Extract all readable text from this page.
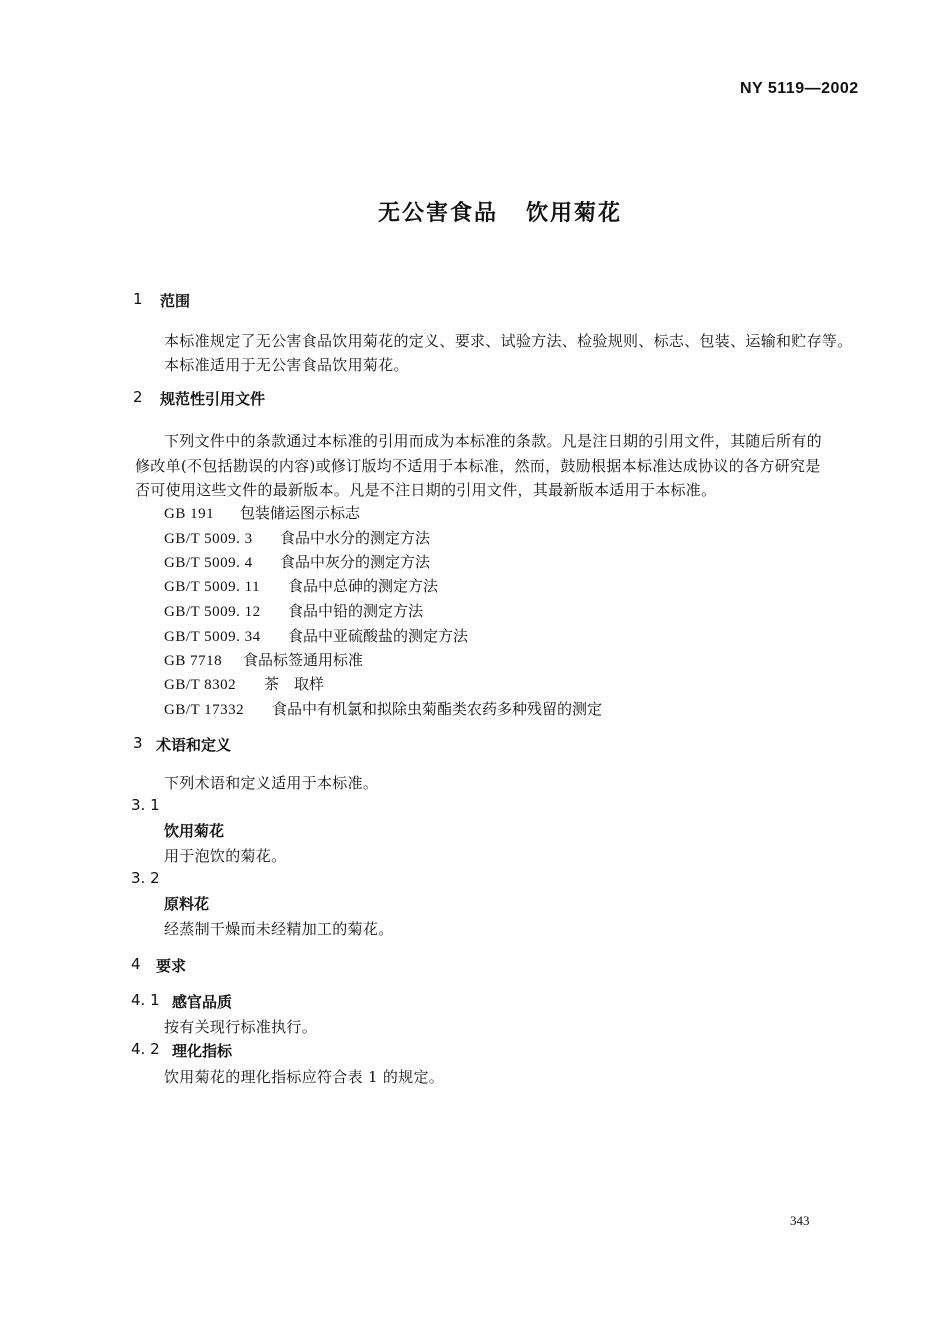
NY 5119—2002
无公害食品 饮用菊花
1 范围
本标准规定了无公害食品饮用菊花的定义、要求、试验方法、检验规则、标志、包装、运输和贮存等。
本标准适用于无公害食品饮用菊花。
2 规范性引用文件
下列文件中的条款通过本标准的引用而成为本标准的条款。凡是注日期的引用文件，其随后所有的
修改单(不包括勘误的内容)或修订版均不适用于本标准，然而，鼓励根据本标准达成协议的各方研究是
否可使用这些文件的最新版本。凡是不注日期的引用文件，其最新版本适用于本标准。
GB 191 包装储运图示标志
GB/T 5009. 3 食品中水分的测定方法
GB/T 5009. 4 食品中灰分的测定方法
GB/T 5009. 11 食品中总砷的测定方法
GB/T 5009. 12 食品中铅的测定方法
GB/T 5009. 34 食品中亚硫酸盐的测定方法
GB 7718 食品标签通用标准
GB/T 8302 茶　取样
GB/T 17332 食品中有机氯和拟除虫菊酯类农药多种残留的测定
3 术语和定义
下列术语和定义适用于本标准。
3. 1
饮用菊花
用于泡饮的菊花。
3. 2
原料花
经蒸制干燥而未经精加工的菊花。
4 要求
4. 1 感官品质
按有关现行标准执行。
4. 2 理化指标
饮用菊花的理化指标应符合表 1 的规定。
343
